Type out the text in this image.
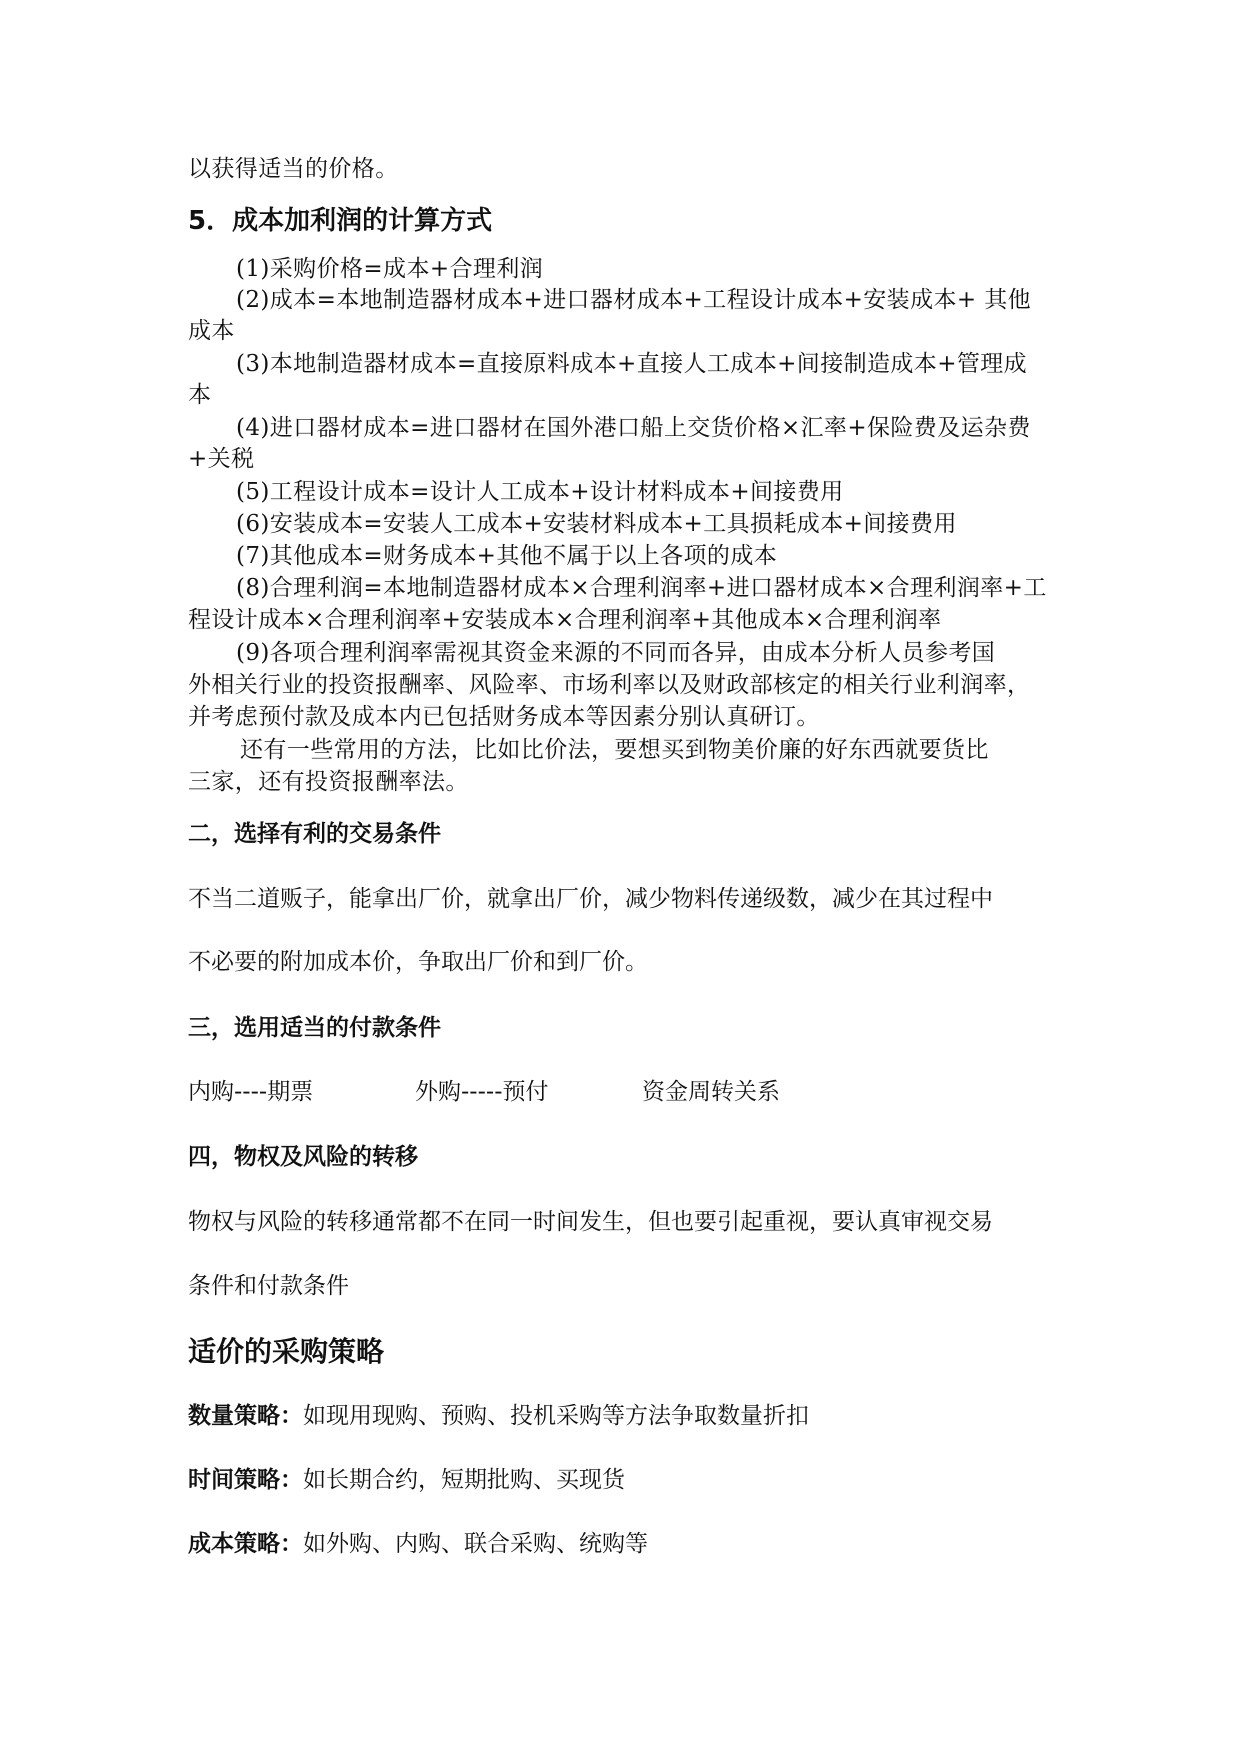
以获得适当的价格。

5．成本加利润的计算方式

(1)采购价格=成本+合理利润

(2)成本=本地制造器材成本+进口器材成本+工程设计成本+安装成本+ 其他

成本

(3)本地制造器材成本=直接原料成本+直接人工成本+间接制造成本+管理成

本

(4)进口器材成本=进口器材在国外港口船上交货价格×汇率+保险费及运杂费

+关税

(5)工程设计成本=设计人工成本+设计材料成本+间接费用

(6)安装成本=安装人工成本+安装材料成本+工具损耗成本+间接费用

(7)其他成本=财务成本+其他不属于以上各项的成本

(8)合理利润=本地制造器材成本×合理利润率+进口器材成本×合理利润率+工

程设计成本×合理利润率+安装成本×合理利润率+其他成本×合理利润率

(9)各项合理利润率需视其资金来源的不同而各异，由成本分析人员参考国

外相关行业的投资报酬率、风险率、市场利率以及财政部核定的相关行业利润率，

并考虑预付款及成本内已包括财务成本等因素分别认真研订。

还有一些常用的方法，比如比价法，要想买到物美价廉的好东西就要货比

三家，还有投资报酬率法。

二，选择有利的交易条件

不当二道贩子，能拿出厂价，就拿出厂价，减少物料传递级数，减少在其过程中

不必要的附加成本价，争取出厂价和到厂价。

三，选用适当的付款条件

内购----期票	外购-----预付	资金周转关系

四，物权及风险的转移

物权与风险的转移通常都不在同一时间发生，但也要引起重视，要认真审视交易

条件和付款条件

适价的采购策略

数量策略：如现用现购、预购、投机采购等方法争取数量折扣

时间策略：如长期合约，短期批购、买现货

成本策略：如外购、内购、联合采购、统购等
